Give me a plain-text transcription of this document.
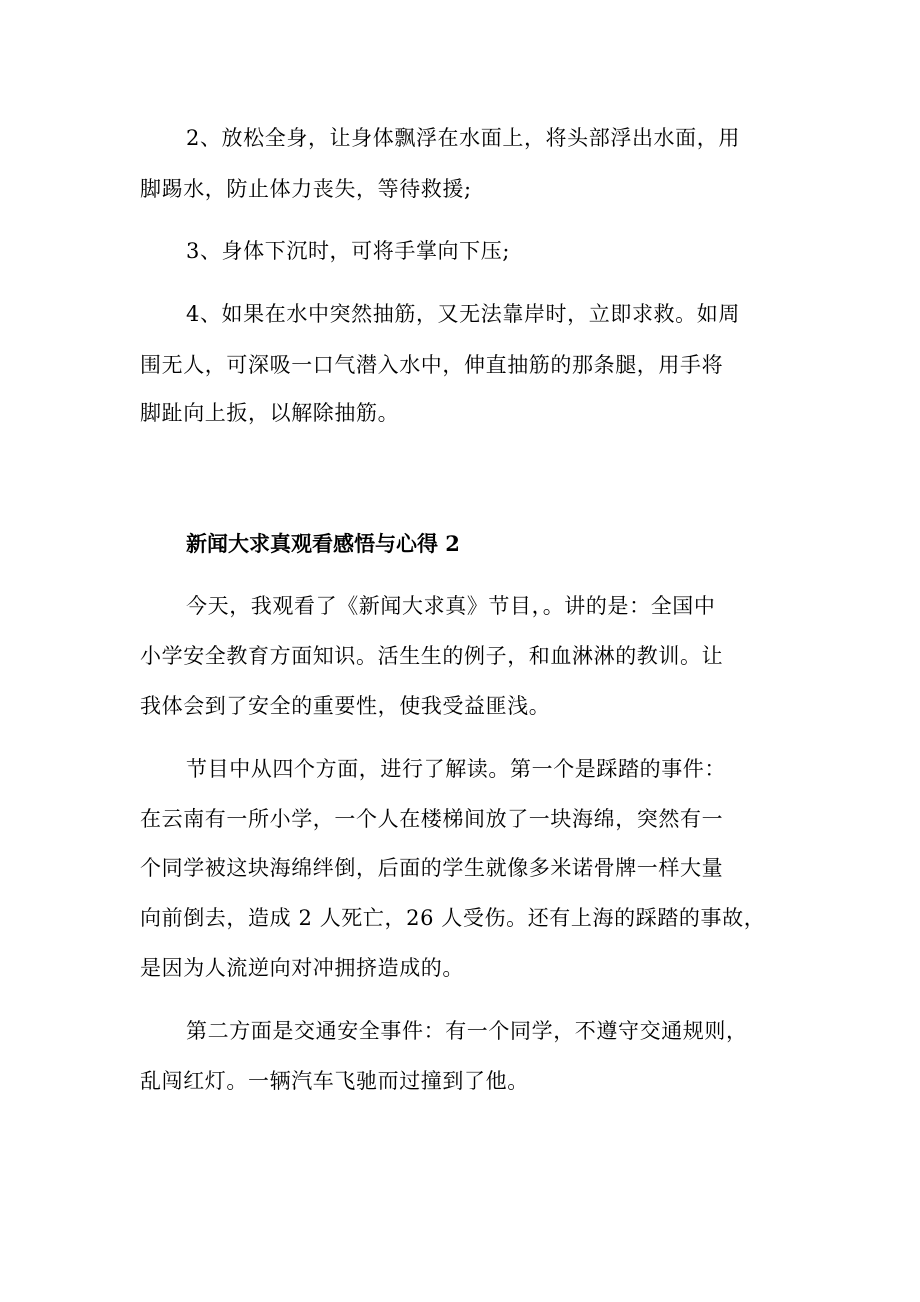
2、放松全身，让身体飘浮在水面上，将头部浮出水面，用
脚踢水，防止体力丧失，等待救援;
3、身体下沉时，可将手掌向下压;
4、如果在水中突然抽筋，又无法靠岸时，立即求救。如周
围无人，可深吸一口气潜入水中，伸直抽筋的那条腿，用手将
脚趾向上扳，以解除抽筋。
新闻大求真观看感悟与心得 2
今天，我观看了《新闻大求真》节目，。讲的是：全国中
小学安全教育方面知识。活生生的例子，和血淋淋的教训。让
我体会到了安全的重要性，使我受益匪浅。
节目中从四个方面，进行了解读。第一个是踩踏的事件：
在云南有一所小学，一个人在楼梯间放了一块海绵，突然有一
个同学被这块海绵绊倒，后面的学生就像多米诺骨牌一样大量
向前倒去，造成 2 人死亡，26 人受伤。还有上海的踩踏的事故，
是因为人流逆向对冲拥挤造成的。
第二方面是交通安全事件：有一个同学，不遵守交通规则，
乱闯红灯。一辆汽车飞驰而过撞到了他。
